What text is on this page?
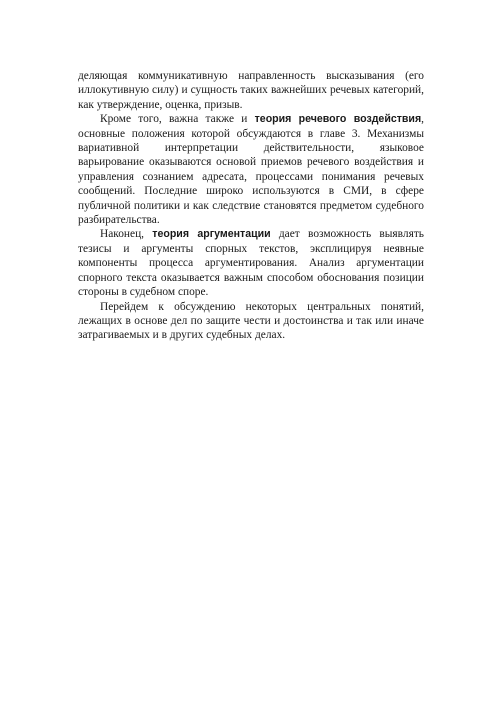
деляющая коммуникативную направленность высказывания (его иллокутивную силу) и сущность таких важнейших речевых категорий, как утверждение, оценка, призыв.

Кроме того, важна также и теория речевого воздействия, основные положения которой обсуждаются в главе 3. Механизмы вариативной интерпретации действительности, языковое варьирование оказываются основой приемов речевого воздействия и управления сознанием адресата, процессами понимания речевых сообщений. Последние широко используются в СМИ, в сфере публичной политики и как следствие становятся предметом судебного разбирательства.

Наконец, теория аргументации дает возможность выявлять тезисы и аргументы спорных текстов, эксплицируя неявные компоненты процесса аргументирования. Анализ аргументации спорного текста оказывается важным способом обоснования позиции стороны в судебном споре.

Перейдем к обсуждению некоторых центральных понятий, лежащих в основе дел по защите чести и достоинства и так или иначе затрагиваемых и в других судебных делах.
